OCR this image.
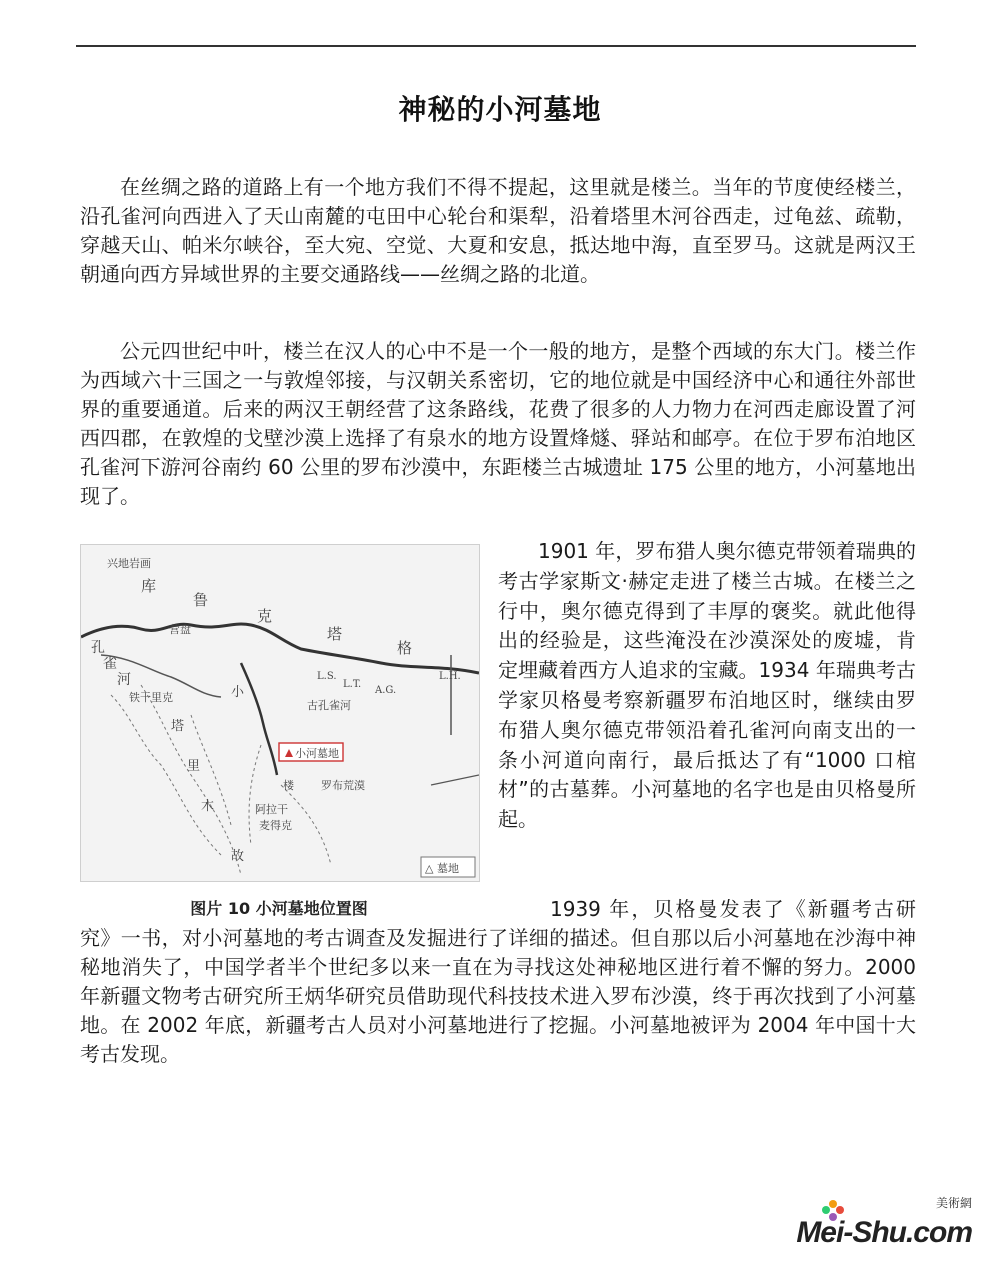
神秘的小河墓地

在丝绸之路的道路上有一个地方我们不得不提起，这里就是楼兰。当年的节度使经楼兰，沿孔雀河向西进入了天山南麓的屯田中心轮台和渠犁，沿着塔里木河谷西走，过龟兹、疏勒，穿越天山、帕米尔峡谷，至大宛、空觉、大夏和安息，抵达地中海，直至罗马。这就是两汉王朝通向西方异域世界的主要交通路线——丝绸之路的北道。

公元四世纪中叶，楼兰在汉人的心中不是一个一般的地方，是整个西域的东大门。楼兰作为西域六十三国之一与敦煌邻接，与汉朝关系密切，它的地位就是中国经济中心和通往外部世界的重要通道。后来的两汉王朝经营了这条路线，花费了很多的人力物力在河西走廊设置了河西四郡，在敦煌的戈壁沙漠上选择了有泉水的地方设置烽燧、驿站和邮亭。在位于罗布泊地区孔雀河下游河谷南约 60 公里的罗布沙漠中，东距楼兰古城遗址 175 公里的地方，小河墓地出现了。

兴地岩画
库
鲁
克
塔
格
孔
雀
河
营盘
铁干里克	小
L.S.
L.T.
A.G.
L.H.
古孔雀河
小河墓地
罗布荒漠
塔
里
木
楼
阿拉干
麦得克
故
△ 墓地
图片 10 小河墓地位置图

1901 年，罗布猎人奥尔德克带领着瑞典的考古学家斯文·赫定走进了楼兰古城。在楼兰之行中，奥尔德克得到了丰厚的褒奖。就此他得出的经验是，这些淹没在沙漠深处的废墟，肯定埋藏着西方人追求的宝藏。1934 年瑞典考古学家贝格曼考察新疆罗布泊地区时，继续由罗布猎人奥尔德克带领沿着孔雀河向南支出的一条小河道向南行，最后抵达了有“1000 口棺材”的古墓葬。小河墓地的名字也是由贝格曼所起。

1939 年，贝格曼发表了《新疆考古研究》一书，对小河墓地的考古调查及发掘进行了详细的描述。但自那以后小河墓地在沙海中神秘地消失了，中国学者半个世纪多以来一直在为寻找这处神秘地区进行着不懈的努力。2000 年新疆文物考古研究所王炳华研究员借助现代科技技术进入罗布沙漠，终于再次找到了小河墓地。在 2002 年底，新疆考古人员对小河墓地进行了挖掘。小河墓地被评为 2004 年中国十大考古发现。

美術網
Mei-Shu.com
